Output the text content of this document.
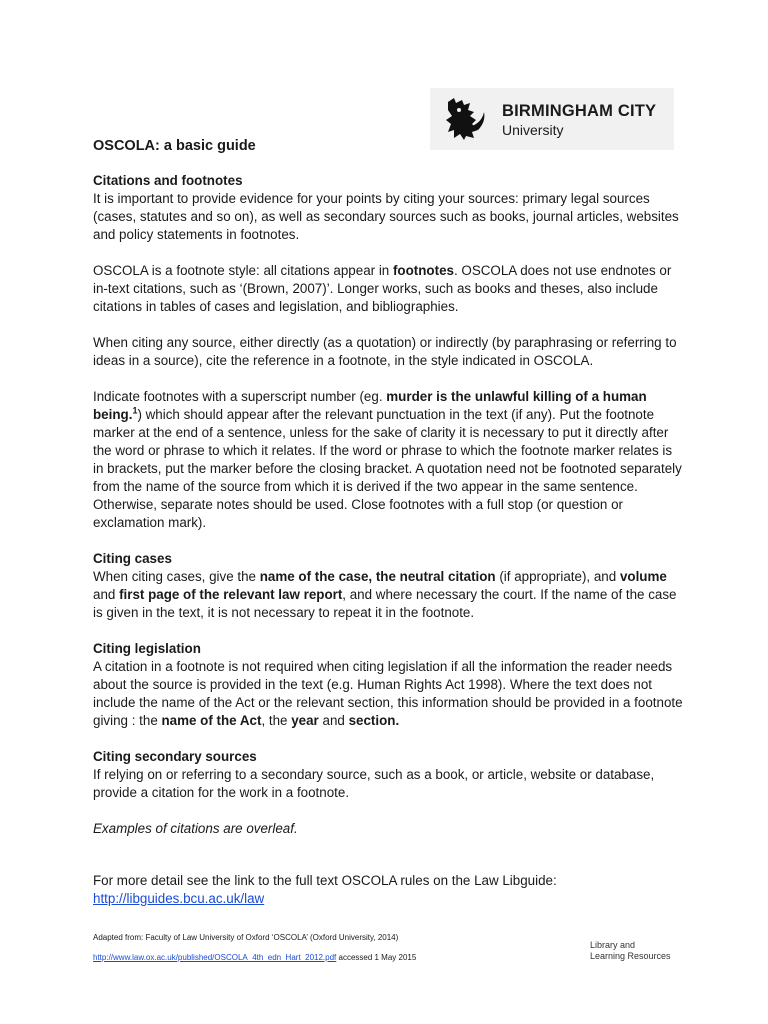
BIRMINGHAM CITY
University
OSCOLA: a basic guide
Citations and footnotes

It is important to provide evidence for your points by citing your sources: primary legal sources (cases, statutes and so on), as well as secondary sources such as books, journal articles, websites and policy statements in footnotes.

OSCOLA is a footnote style: all citations appear in footnotes. OSCOLA does not use endnotes or in-text citations, such as ‘(Brown, 2007)’. Longer works, such as books and theses, also include citations in tables of cases and legislation, and bibliographies.

When citing any source, either directly (as a quotation) or indirectly (by paraphrasing or referring to ideas in a source), cite the reference in a footnote, in the style indicated in OSCOLA.

Indicate footnotes with a superscript number (eg. murder is the unlawful killing of a human being.$^1$) which should appear after the relevant punctuation in the text (if any). Put the footnote marker at the end of a sentence, unless for the sake of clarity it is necessary to put it directly after the word or phrase to which it relates. If the word or phrase to which the footnote marker relates is in brackets, put the marker before the closing bracket. A quotation need not be footnoted separately from the name of the source from which it is derived if the two appear in the same sentence. Otherwise, separate notes should be used. Close footnotes with a full stop (or question or exclamation mark).

Citing cases

When citing cases, give the name of the case, the neutral citation (if appropriate), and volume and first page of the relevant law report, and where necessary the court. If the name of the case is given in the text, it is not necessary to repeat it in the footnote.

Citing legislation

A citation in a footnote is not required when citing legislation if all the information the reader needs about the source is provided in the text (e.g. Human Rights Act 1998). Where the text does not include the name of the Act or the relevant section, this information should be provided in a footnote giving : the name of the Act, the year and section.

Citing secondary sources

If relying on or referring to a secondary source, such as a book, or article, website or database, provide a citation for the work in a footnote.

Examples of citations are overleaf.
For more detail see the link to the full text OSCOLA rules on the Law Libguide:
http://libguides.bcu.ac.uk/law
Adapted from: Faculty of Law University of Oxford ‘OSCOLA’ (Oxford University, 2014)
http://www.law.ox.ac.uk/published/OSCOLA_4th_edn_Hart_2012.pdf accessed 1 May 2015
Library and
Learning Resources
